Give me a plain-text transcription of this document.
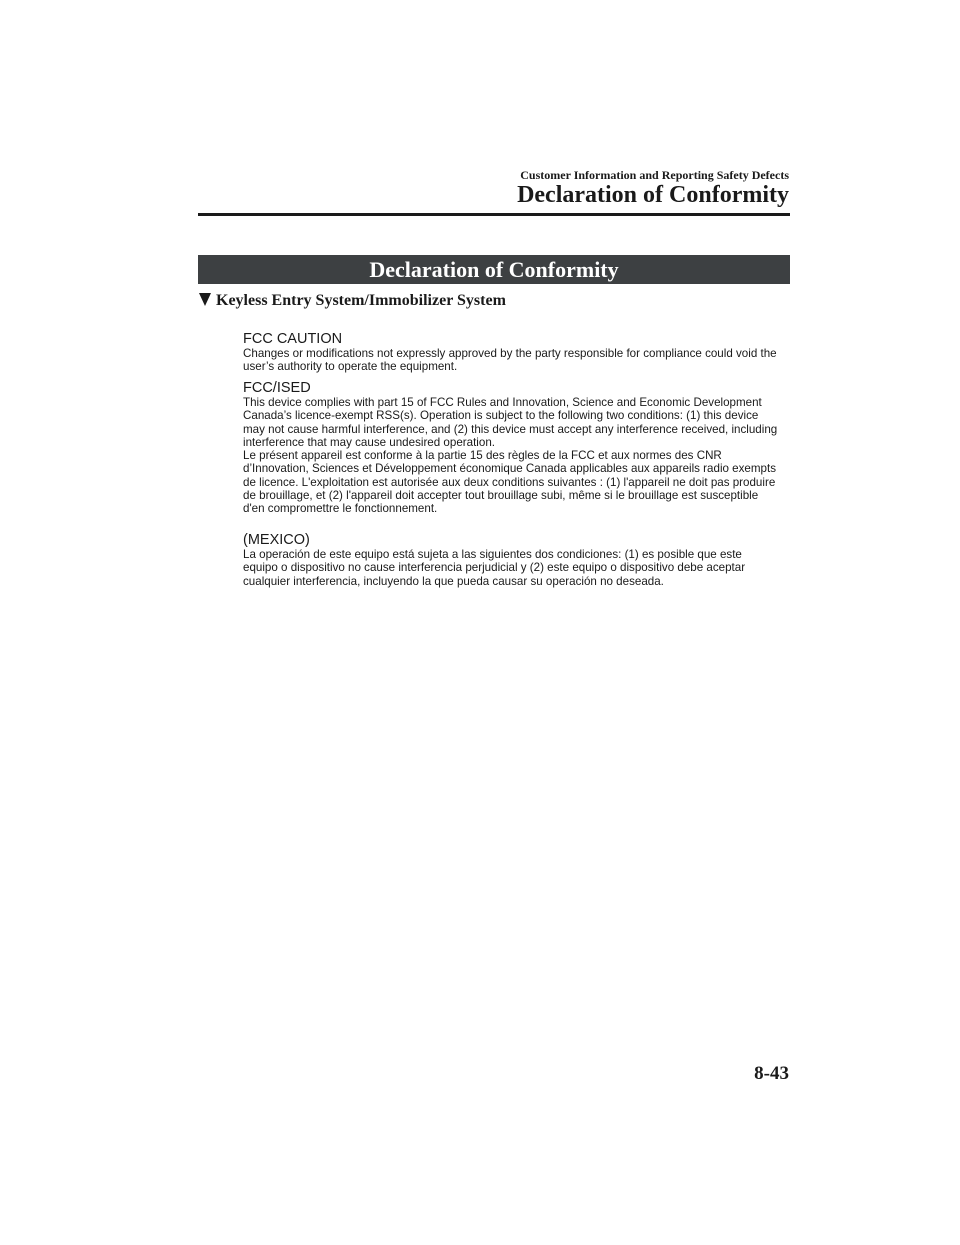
Customer Information and Reporting Safety Defects
Declaration of Conformity
Declaration of Conformity
Keyless Entry System/Immobilizer System
FCC CAUTION

Changes or modifications not expressly approved by the party responsible for compliance could void the user’s authority to operate the equipment.

FCC/ISED

This device complies with part 15 of FCC Rules and Innovation, Science and Economic Development Canada’s licence-exempt RSS(s). Operation is subject to the following two conditions: (1) this device may not cause harmful interference, and (2) this device must accept any interference received, including interference that may cause undesired operation.

Le présent appareil est conforme à la partie 15 des règles de la FCC et aux normes des CNR d’Innovation, Sciences et Développement économique Canada applicables aux appareils radio exempts de licence. L'exploitation est autorisée aux deux conditions suivantes : (1) l'appareil ne doit pas produire de brouillage, et (2) l'appareil doit accepter tout brouillage subi, même si le brouillage est susceptible d'en compromettre le fonctionnement.

(MEXICO)

La operación de este equipo está sujeta a las siguientes dos condiciones: (1) es posible que este equipo o dispositivo no cause interferencia perjudicial y (2) este equipo o dispositivo debe aceptar cualquier interferencia, incluyendo la que pueda causar su operación no deseada.

8-43
